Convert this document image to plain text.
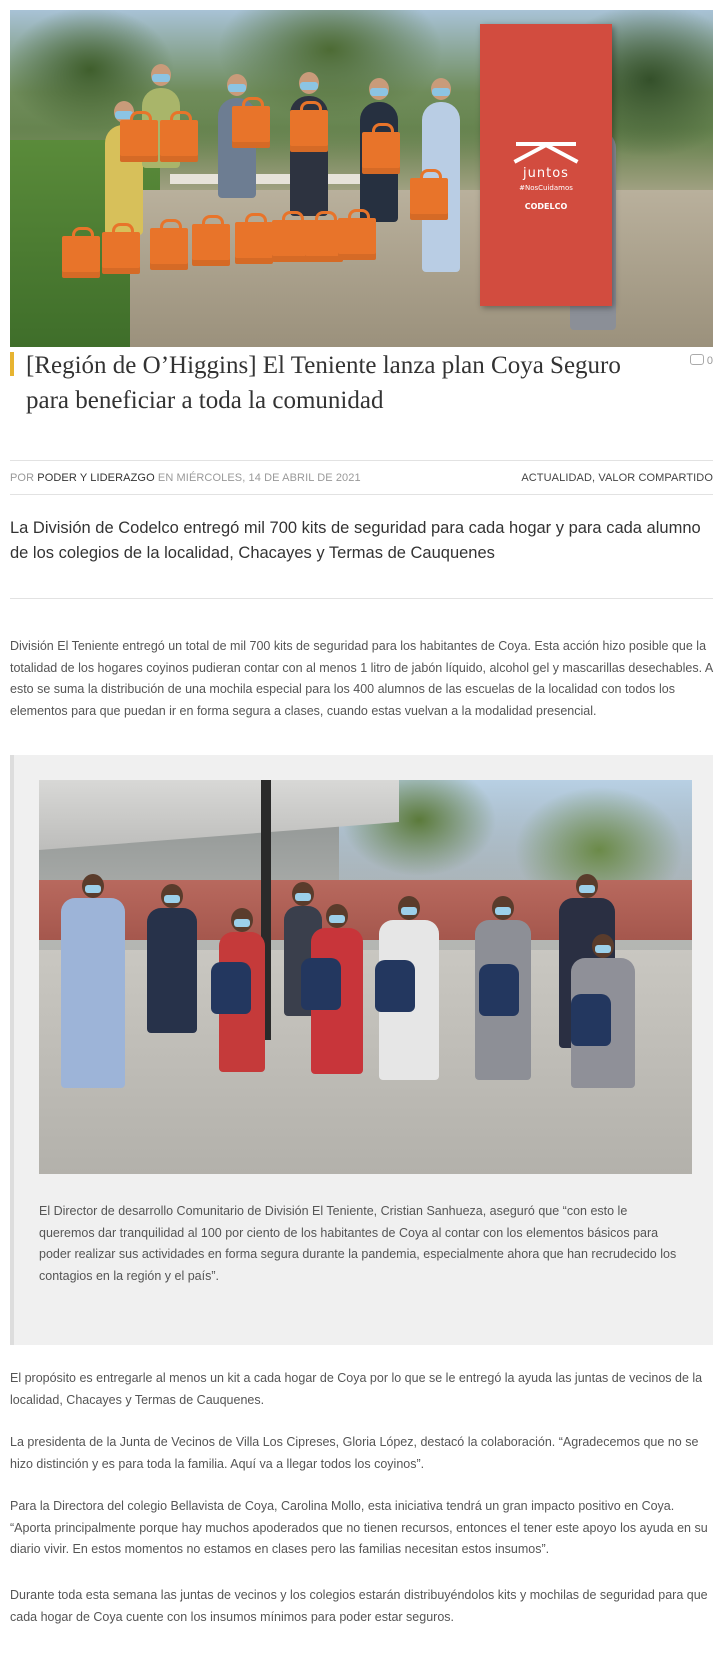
juntos
#NosCuidamos
CODELCO
[Región de O’Higgins] El Teniente lanza plan Coya Seguro para beneficiar a toda la comunidad
0
POR PODER Y LIDERAZGO EN MIÉRCOLES, 14 DE ABRIL DE 2021	ACTUALIDAD, VALOR COMPARTIDO

La División de Codelco entregó mil 700 kits de seguridad para cada hogar y para cada alumno de los colegios de la localidad, Chacayes y Termas de Cauquenes

División El Teniente entregó un total de mil 700 kits de seguridad para los habitantes de Coya. Esta acción hizo posible que la totalidad de los hogares coyinos pudieran contar con al menos 1 litro de jabón líquido, alcohol gel y mascarillas desechables. A esto se suma la distribución de una mochila especial para los 400 alumnos de las escuelas de la localidad con todos los elementos para que puedan ir en forma segura a clases, cuando estas vuelvan a la modalidad presencial.

El Director de desarrollo Comunitario de División El Teniente, Cristian Sanhueza, aseguró que “con esto le queremos dar tranquilidad al 100 por ciento de los habitantes de Coya al contar con los elementos básicos para poder realizar sus actividades en forma segura durante la pandemia, especialmente ahora que han recrudecido los contagios en la región y el país”.

El propósito es entregarle al menos un kit a cada hogar de Coya por lo que se le entregó la ayuda las juntas de vecinos de la localidad, Chacayes y Termas de Cauquenes.

La presidenta de la Junta de Vecinos de Villa Los Cipreses, Gloria López, destacó la colaboración. “Agradecemos que no se hizo distinción y es para toda la familia. Aquí va a llegar todos los coyinos”.

Para la Directora del colegio Bellavista de Coya, Carolina Mollo, esta iniciativa tendrá un gran impacto positivo en Coya. “Aporta principalmente porque hay muchos apoderados que no tienen recursos, entonces el tener este apoyo los ayuda en su diario vivir. En estos momentos no estamos en clases pero las familias necesitan estos insumos”.

Durante toda esta semana las juntas de vecinos y los colegios estarán distribuyéndolos kits y mochilas de seguridad para que cada hogar de Coya cuente con los insumos mínimos para poder estar seguros.
